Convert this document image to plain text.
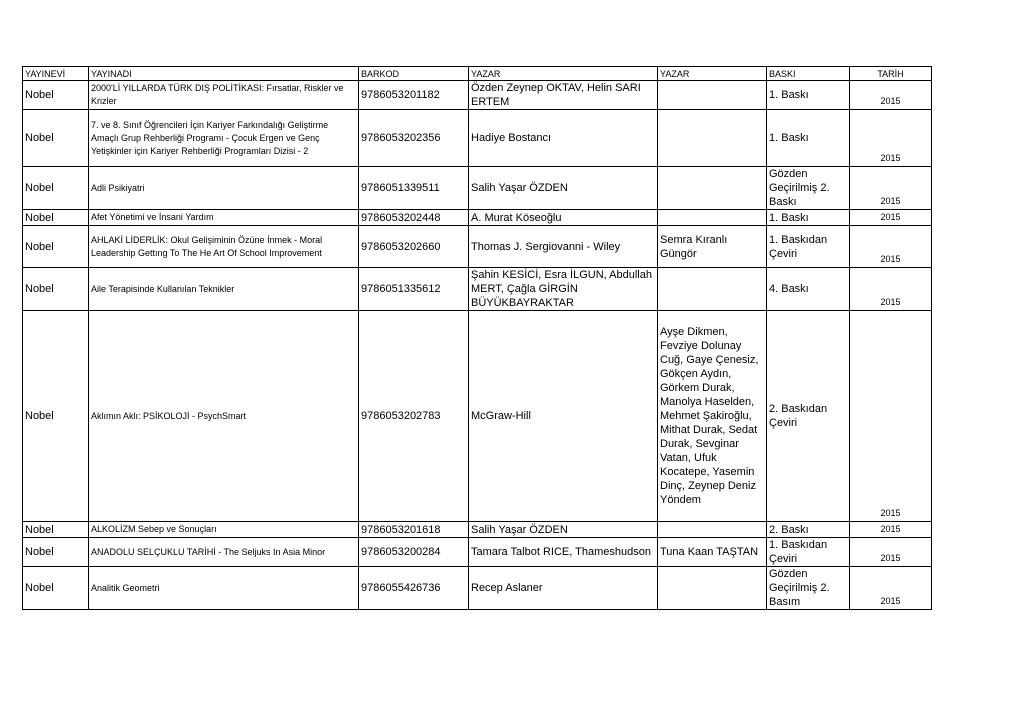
YAYINEVİ	YAYINADI	BARKOD	YAZAR	YAZAR	BASKI	TARİH
Nobel	2000'Lİ YILLARDA TÜRK DIŞ POLİTİKASI: Fırsatlar, Riskler ve Krizler	9786053201182	Özden Zeynep OKTAV, Helin SARI ERTEM		1. Baskı	2015
Nobel	7. ve 8. Sınıf Öğrencileri İçin Kariyer Farkındalığı Geliştirme
Amaçlı Grup Rehberliği Programı - Çocuk Ergen ve Genç
Yetişkinler için Kariyer Rehberliği Programları Dizisi - 2	9786053202356	Hadiye Bostancı		1. Baskı	2015
Nobel	Adli Psikiyatri	9786051339511	Salih Yaşar ÖZDEN		Gözden Geçirilmiş 2. Baskı	2015
Nobel	Afet Yönetimi ve İnsani Yardım	9786053202448	A. Murat Köseoğlu		1. Baskı	2015
Nobel	AHLAKİ LİDERLİK: Okul Gelişiminin Özüne İnmek - Moral
Leadership Gettıng To The He Art Of School Improvement	9786053202660	Thomas J. Sergiovanni - Wiley	Semra Kıranlı Güngör	1. Baskıdan Çeviri	2015
Nobel	Aile Terapisinde Kullanılan Teknikler	9786051335612	Şahin KESİCİ, Esra İLGUN, Abdullah MERT, Çağla GİRGİN BÜYÜKBAYRAKTAR		4. Baskı	2015
Nobel	Aklımın Aklı: PSİKOLOJİ - PsychSmart	9786053202783	McGraw-Hill	Ayşe Dikmen, Fevziye Dolunay Cuğ, Gaye Çenesiz, Gökçen Aydın, Görkem Durak, Manolya Haselden, Mehmet Şakiroğlu, Mithat Durak, Sedat Durak, Sevginar Vatan, Ufuk Kocatepe, Yasemin Dinç, Zeynep Deniz Yöndem	2. Baskıdan Çeviri	2015
Nobel	ALKOLİZM Sebep ve Sonuçları	9786053201618	Salih Yaşar ÖZDEN		2. Baskı	2015
Nobel	ANADOLU SELÇUKLU TARİHİ - The Seljuks In Asia Minor	9786053200284	Tamara Talbot RICE, Thameshudson	Tuna Kaan TAŞTAN	1. Baskıdan Çeviri	2015
Nobel	Analitik Geometri	9786055426736	Recep Aslaner		Gözden Geçirilmiş 2. Basım	2015
